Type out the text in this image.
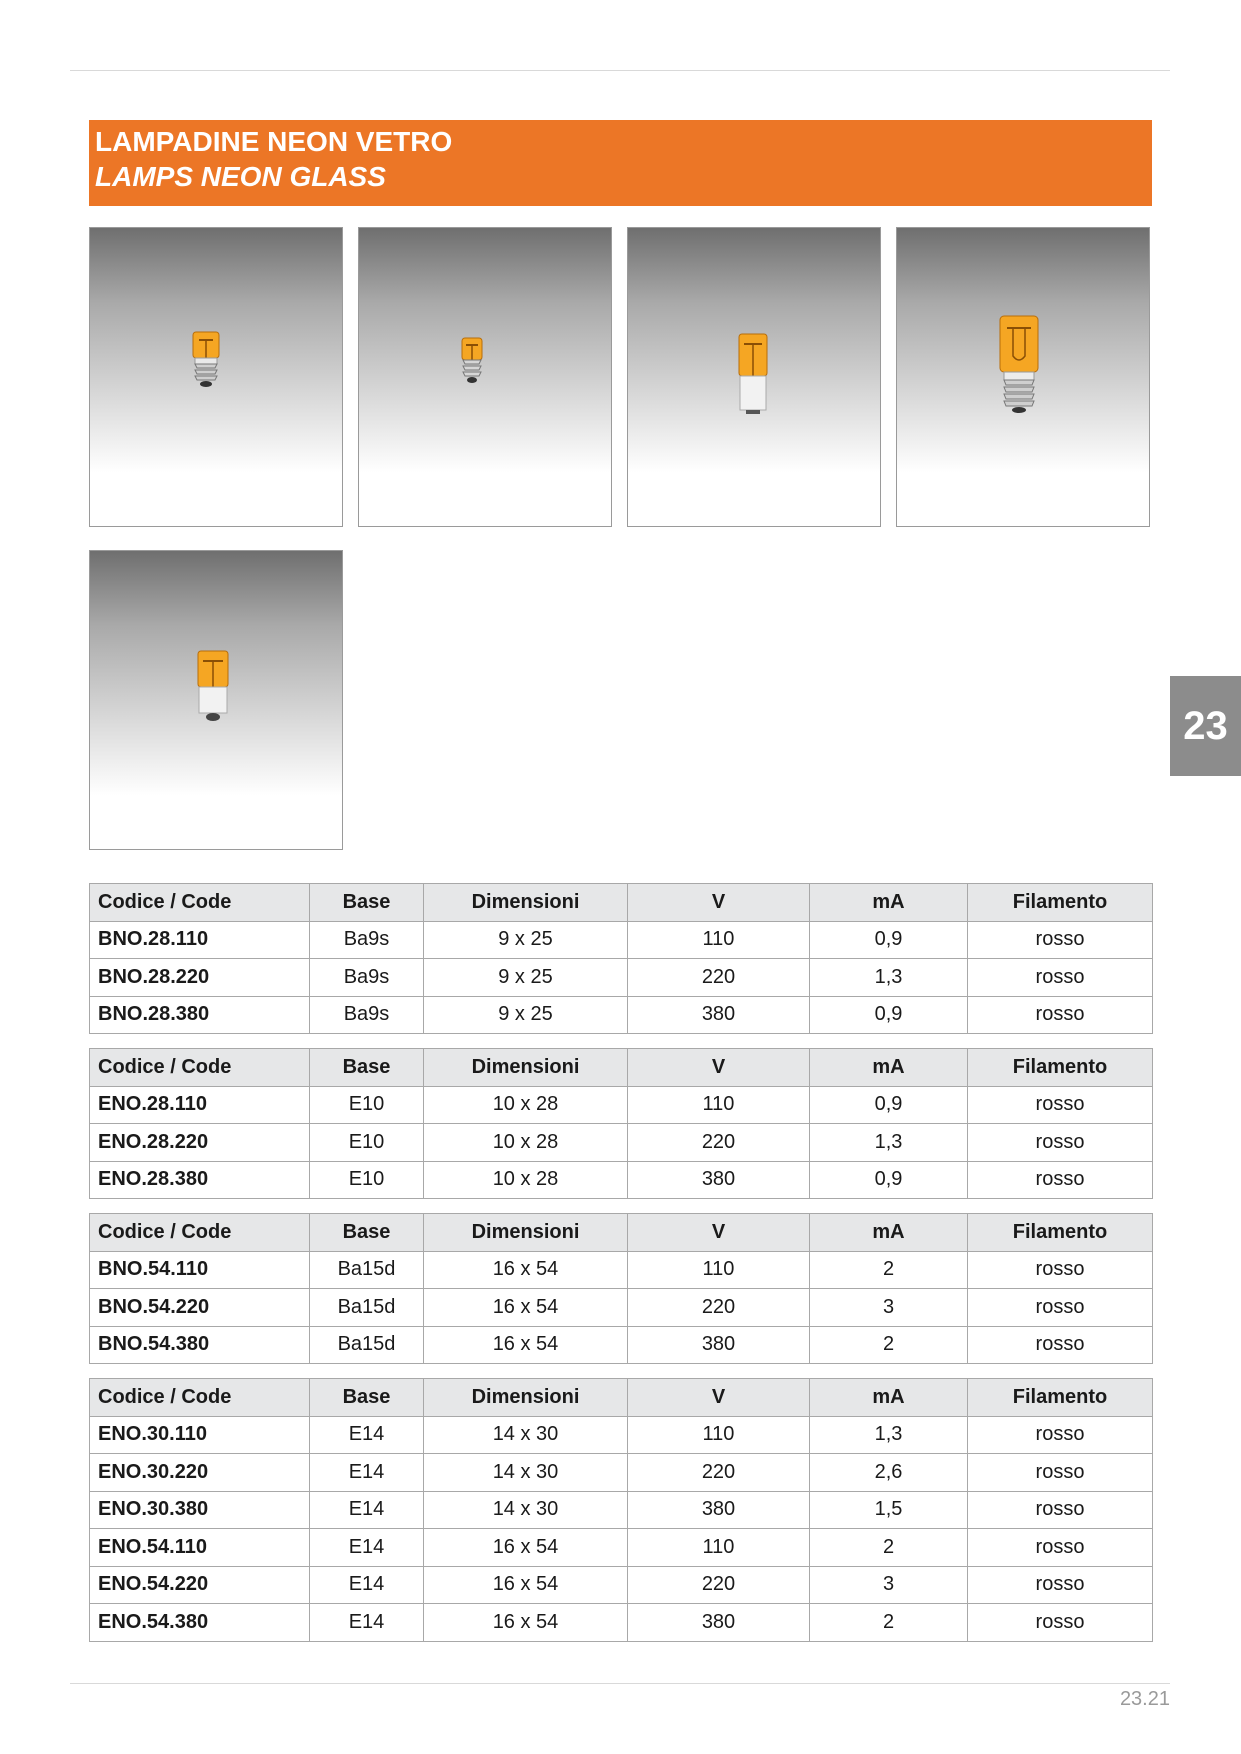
LAMPADINE NEON VETRO
LAMPS NEON GLASS
23
Codice / Code	Base	Dimensioni	V	mA	Filamento
BNO.28.110	Ba9s	9 x 25	110	0,9	rosso
BNO.28.220	Ba9s	9 x 25	220	1,3	rosso
BNO.28.380	Ba9s	9 x 25	380	0,9	rosso
Codice / Code	Base	Dimensioni	V	mA	Filamento
ENO.28.110	E10	10 x 28	110	0,9	rosso
ENO.28.220	E10	10 x 28	220	1,3	rosso
ENO.28.380	E10	10 x 28	380	0,9	rosso
Codice / Code	Base	Dimensioni	V	mA	Filamento
BNO.54.110	Ba15d	16 x 54	110	2	rosso
BNO.54.220	Ba15d	16 x 54	220	3	rosso
BNO.54.380	Ba15d	16 x 54	380	2	rosso
Codice / Code	Base	Dimensioni	V	mA	Filamento
ENO.30.110	E14	14 x 30	110	1,3	rosso
ENO.30.220	E14	14 x 30	220	2,6	rosso
ENO.30.380	E14	14 x 30	380	1,5	rosso
ENO.54.110	E14	16 x 54	110	2	rosso
ENO.54.220	E14	16 x 54	220	3	rosso
ENO.54.380	E14	16 x 54	380	2	rosso
23.21
